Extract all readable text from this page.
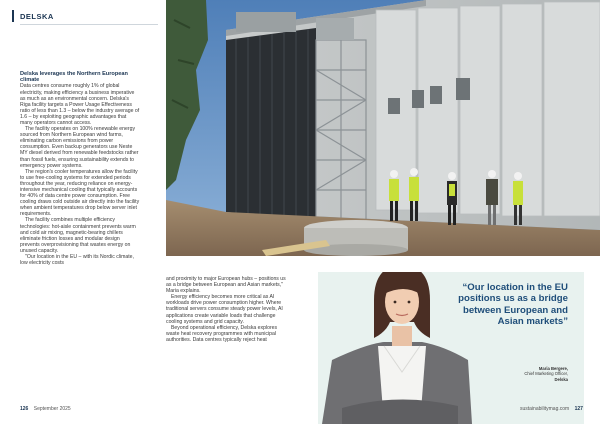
DELSKA
Delska leverages the Northern European climate

Data centres consume roughly 1% of global electricity, making efficiency a business imperative as much as an environmental concern. Delska's Riga facility targets a Power Usage Effectiveness ratio of less than 1.3 – below the industry average of 1.6 – by exploiting geographic advantages that many operators cannot access.

The facility operates on 100% renewable energy sourced from Northern European wind farms, eliminating carbon emissions from power consumption. Even backup generators use Neste MY diesel derived from renewable feedstocks rather than fossil fuels, ensuring sustainability extends to emergency power systems.

The region's cooler temperatures allow the facility to use free-cooling systems for extended periods throughout the year, reducing reliance on energy-intensive mechanical cooling that typically accounts for 40% of data centre power consumption. Free cooling draws cold outside air directly into the facility when ambient temperatures drop below server inlet requirements.

The facility combines multiple efficiency technologies: hot-aisle containment prevents warm and cold air mixing, magnetic-bearing chillers eliminate friction losses and modular design prevents overprovisioning that wastes energy on unused capacity.

"Our location in the EU – with its Nordic climate, low electricity costs

and proximity to major European hubs – positions us as a bridge between European and Asian markets," Maria explains.

Energy efficiency becomes more critical as AI workloads drive power consumption higher. Where traditional servers consume steady power levels, AI applications create variable loads that challenge cooling systems and grid capacity.

Beyond operational efficiency, Delska explores waste heat recovery programmes with municipal authorities. Data centres typically reject heat

“Our location in the EU positions us as a bridge between European and Asian markets”
Maria Bergere,
Chief Marketing Officer,
Delska
126 September 2025	sustainabilitymag.com 127
